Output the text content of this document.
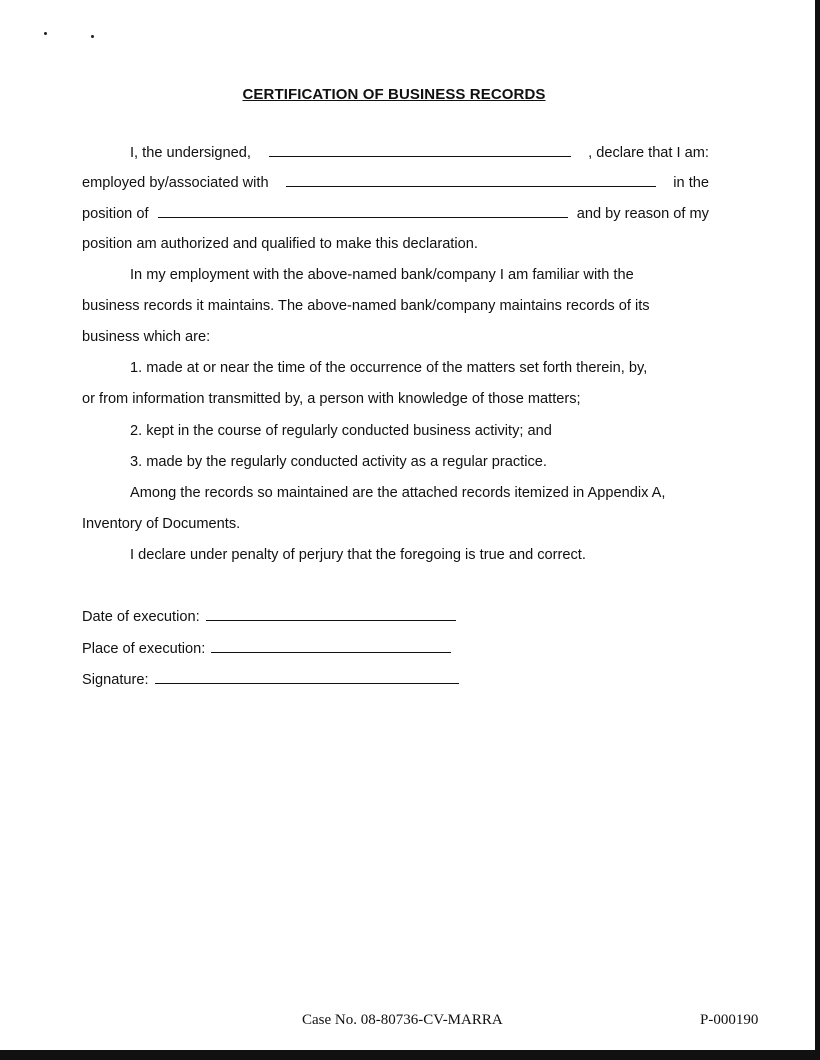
CERTIFICATION OF BUSINESS RECORDS
I, the undersigned,	, declare that I am:
employed by/associated with	in the
position of	and by reason of my
position am authorized and qualified to make this declaration.
In my employment with the above-named bank/company I am familiar with the
business records it maintains. The above-named bank/company maintains records of its
business which are:
1. made at or near the time of the occurrence of the matters set forth therein, by,
or from information transmitted by, a person with knowledge of those matters;
2. kept in the course of regularly conducted business activity; and
3. made by the regularly conducted activity as a regular practice.
Among the records so maintained are the attached records itemized in Appendix A,
Inventory of Documents.
I declare under penalty of perjury that the foregoing is true and correct.
Date of execution:
Place of execution:
Signature:
Case No. 08-80736-CV-MARRA	P-000190
